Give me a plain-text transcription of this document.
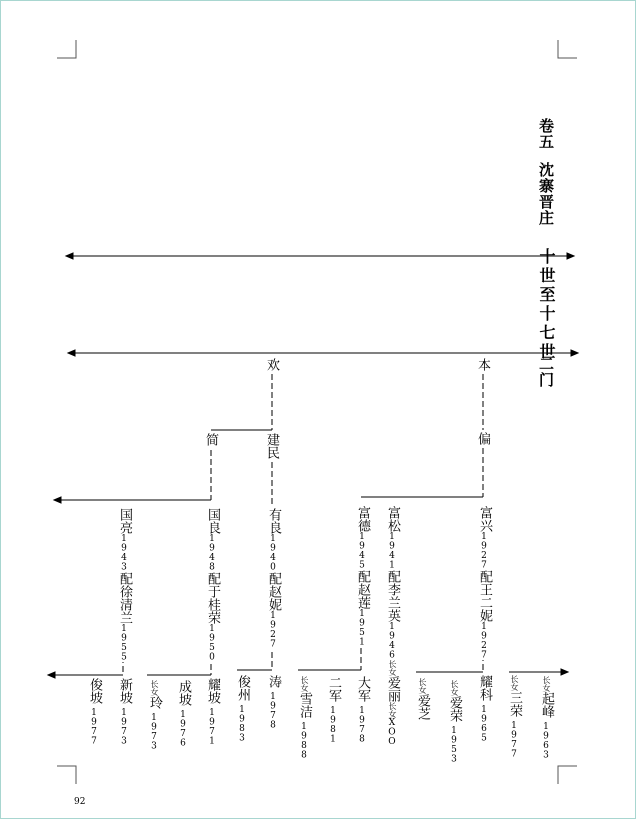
卷五
沈寨晋庄
十世至十七世
二门
欢	本
简	建民	偏
国亮1943配徐清兰1955
国良1948配于桂荣1950
有良1940配赵妮1927
富德1945配赵莲1951
富松1941配李兰英1946
富兴1927配王二妮1927
俊坡1977
新坡1973
长女玲1973
成坡1976
耀坡1971
俊州1983
涛1978
长女雪洁1988
二军1981
大军1978
长女爱丽长女XOO
长女爱芝
长女爱荣1953
耀科1965
长女三荣1977
长女起峰1963
92
